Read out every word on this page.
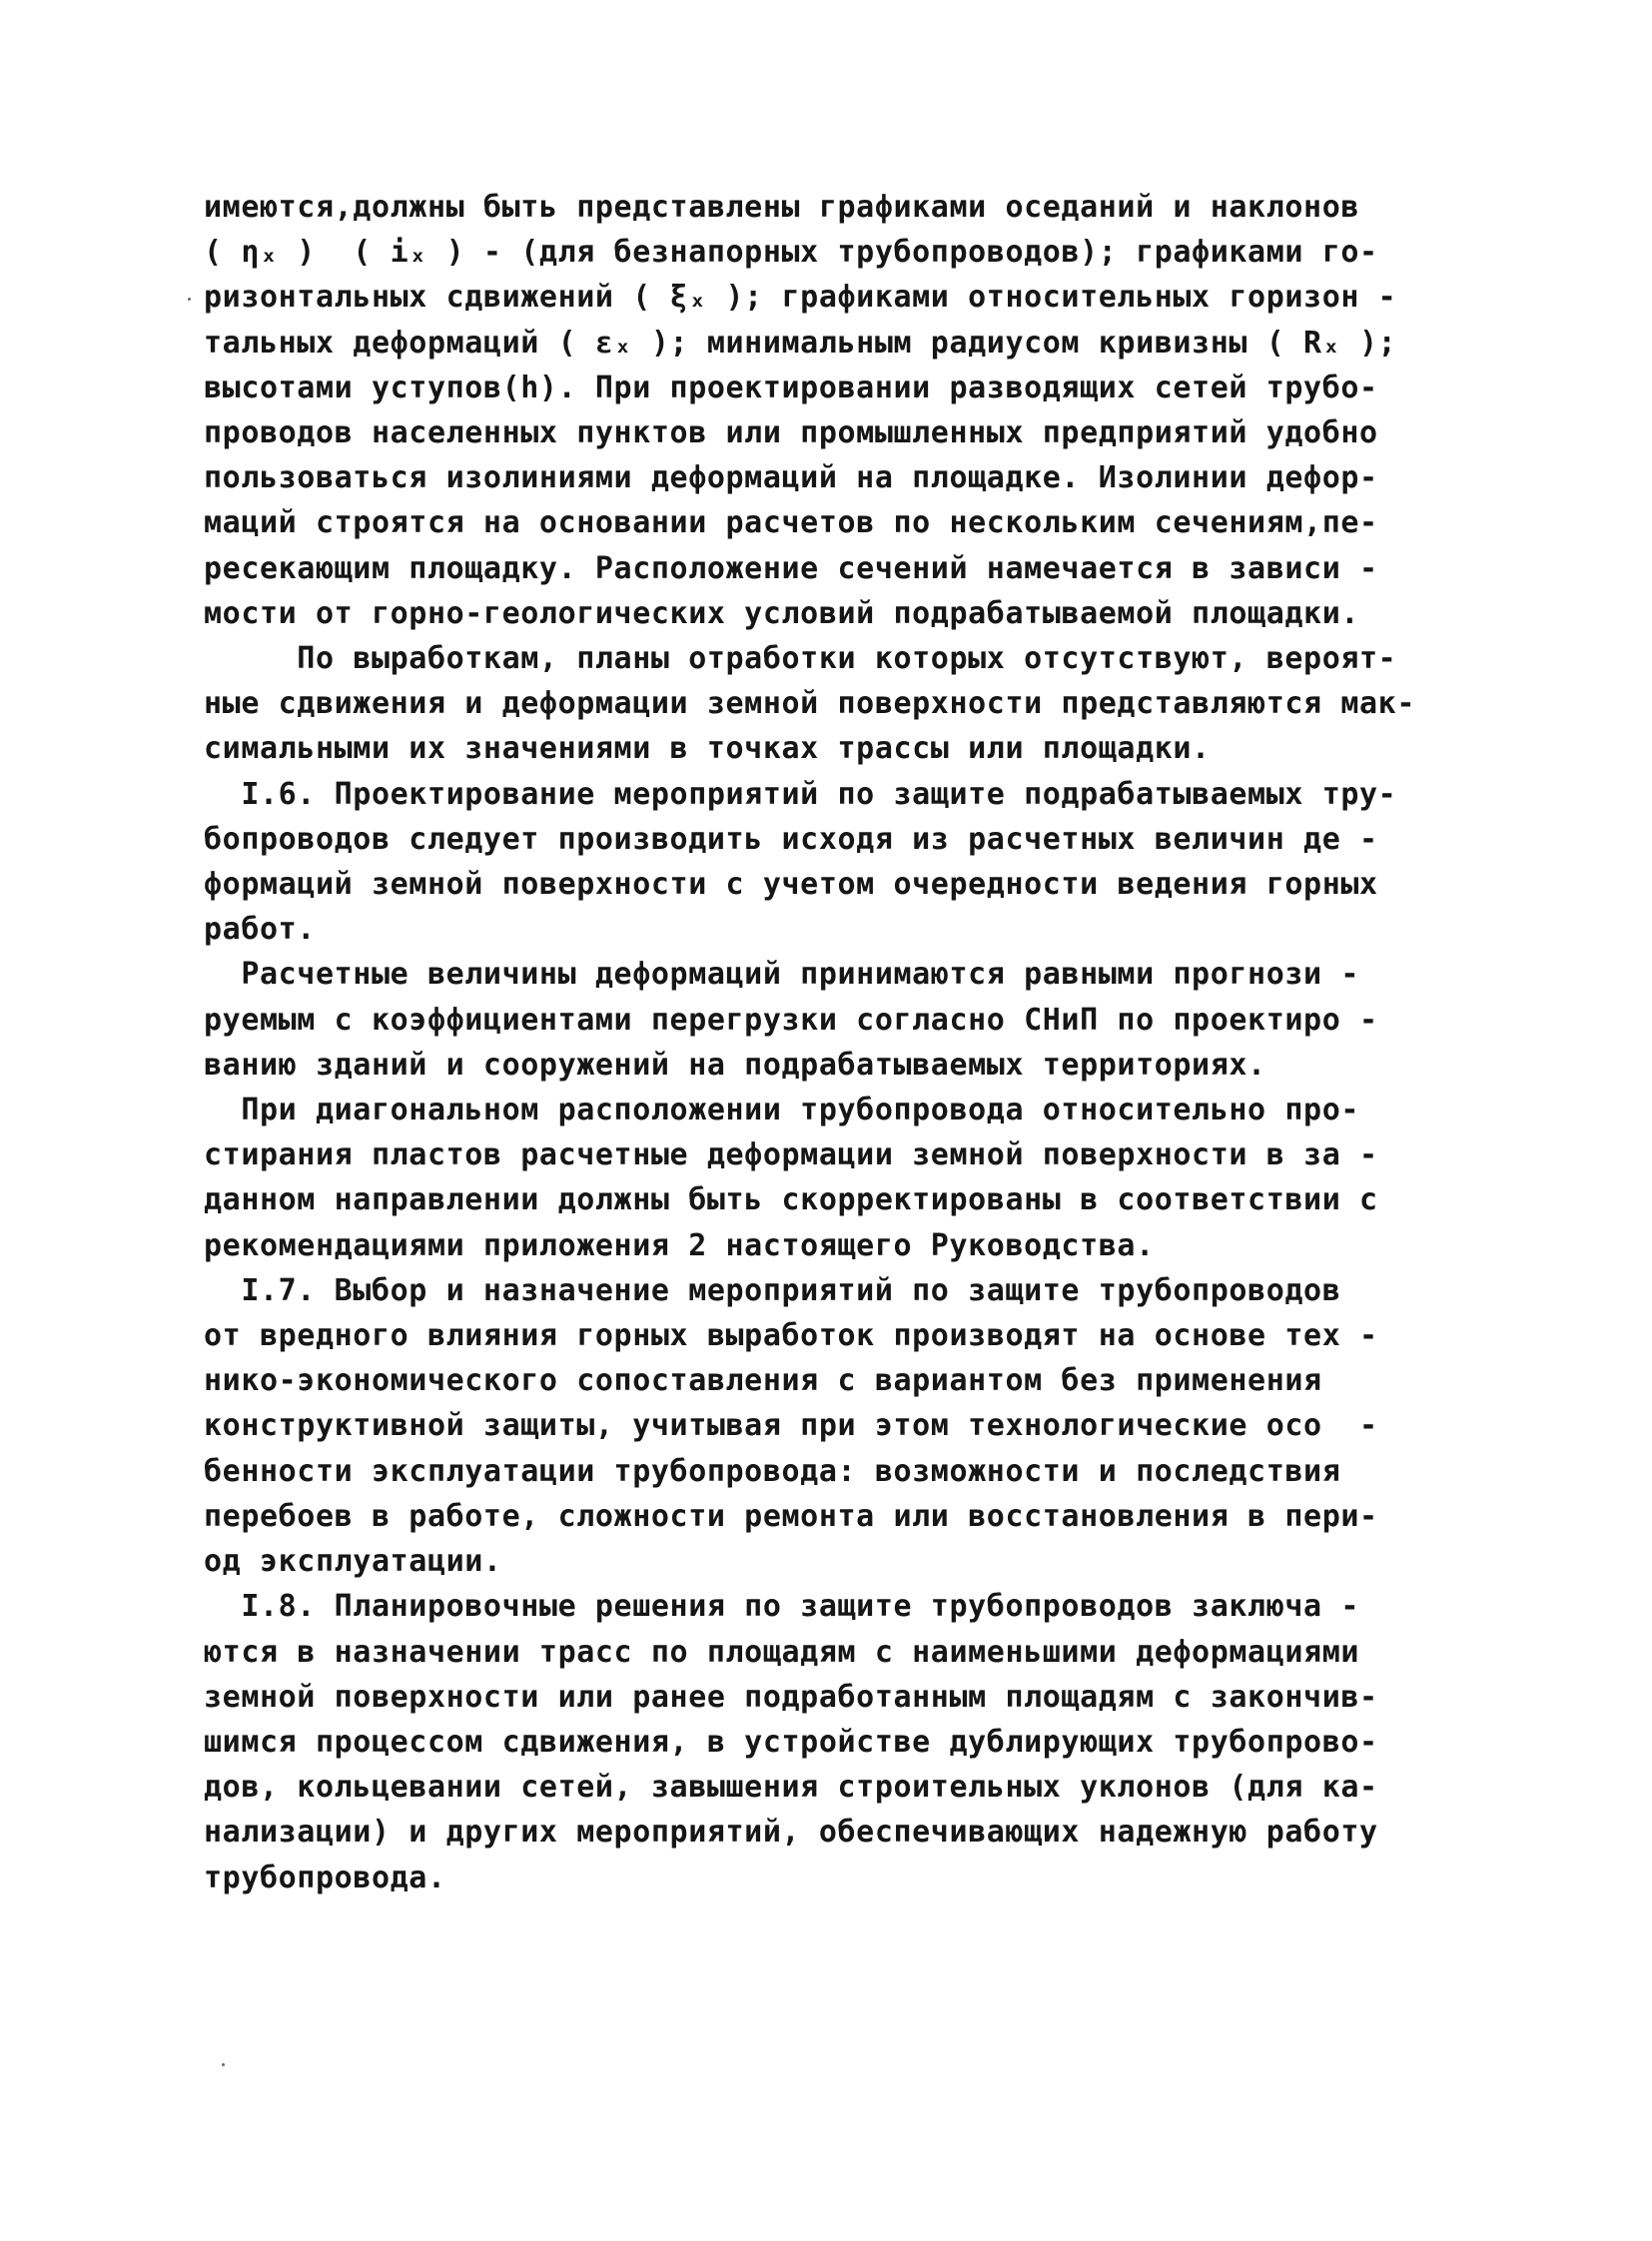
имеются,должны быть представлены графиками оседаний и наклонов
( ηₓ )  ( iₓ ) - (для безнапорных трубопроводов); графиками го-
ризонтальных сдвижений ( ξₓ ); графиками относительных горизон -
тальных деформаций ( εₓ ); минимальным радиусом кривизны ( Rₓ );
высотами уступов(h). При проектировании разводящих сетей трубо-
проводов населенных пунктов или промышленных предприятий удобно
пользоваться изолиниями деформаций на площадке. Изолинии дефор-
маций строятся на основании расчетов по нескольким сечениям,пе-
ресекающим площадку. Расположение сечений намечается в зависи -
мости от горно-геологических условий подрабатываемой площадки.
По выработкам, планы отработки которых отсутствуют, вероят-
ные сдвижения и деформации земной поверхности представляются мак-
симальными их значениями в точках трассы или площадки.
I.6. Проектирование мероприятий по защите подрабатываемых тру-
бопроводов следует производить исходя из расчетных величин де -
формаций земной поверхности с учетом очередности ведения горных
работ.
Расчетные величины деформаций принимаются равными прогнози -
руемым с коэффициентами перегрузки согласно СНиП по проектиро -
ванию зданий и сооружений на подрабатываемых территориях.
При диагональном расположении трубопровода относительно про-
стирания пластов расчетные деформации земной поверхности в за -
данном направлении должны быть скорректированы в соответствии с
рекомендациями приложения 2 настоящего Руководства.
I.7. Выбор и назначение мероприятий по защите трубопроводов
от вредного влияния горных выработок производят на основе тех -
нико-экономического сопоставления с вариантом без применения
конструктивной защиты, учитывая при этом технологические осо  -
бенности эксплуатации трубопровода: возможности и последствия
перебоев в работе, сложности ремонта или восстановления в пери-
од эксплуатации.
I.8. Планировочные решения по защите трубопроводов заключа -
ются в назначении трасс по площадям с наименьшими деформациями
земной поверхности или ранее подработанным площадям с закончив-
шимся процессом сдвижения, в устройстве дублирующих трубопрово-
дов, кольцевании сетей, завышения строительных уклонов (для ка-
нализации) и других мероприятий, обеспечивающих надежную работу
трубопровода.
